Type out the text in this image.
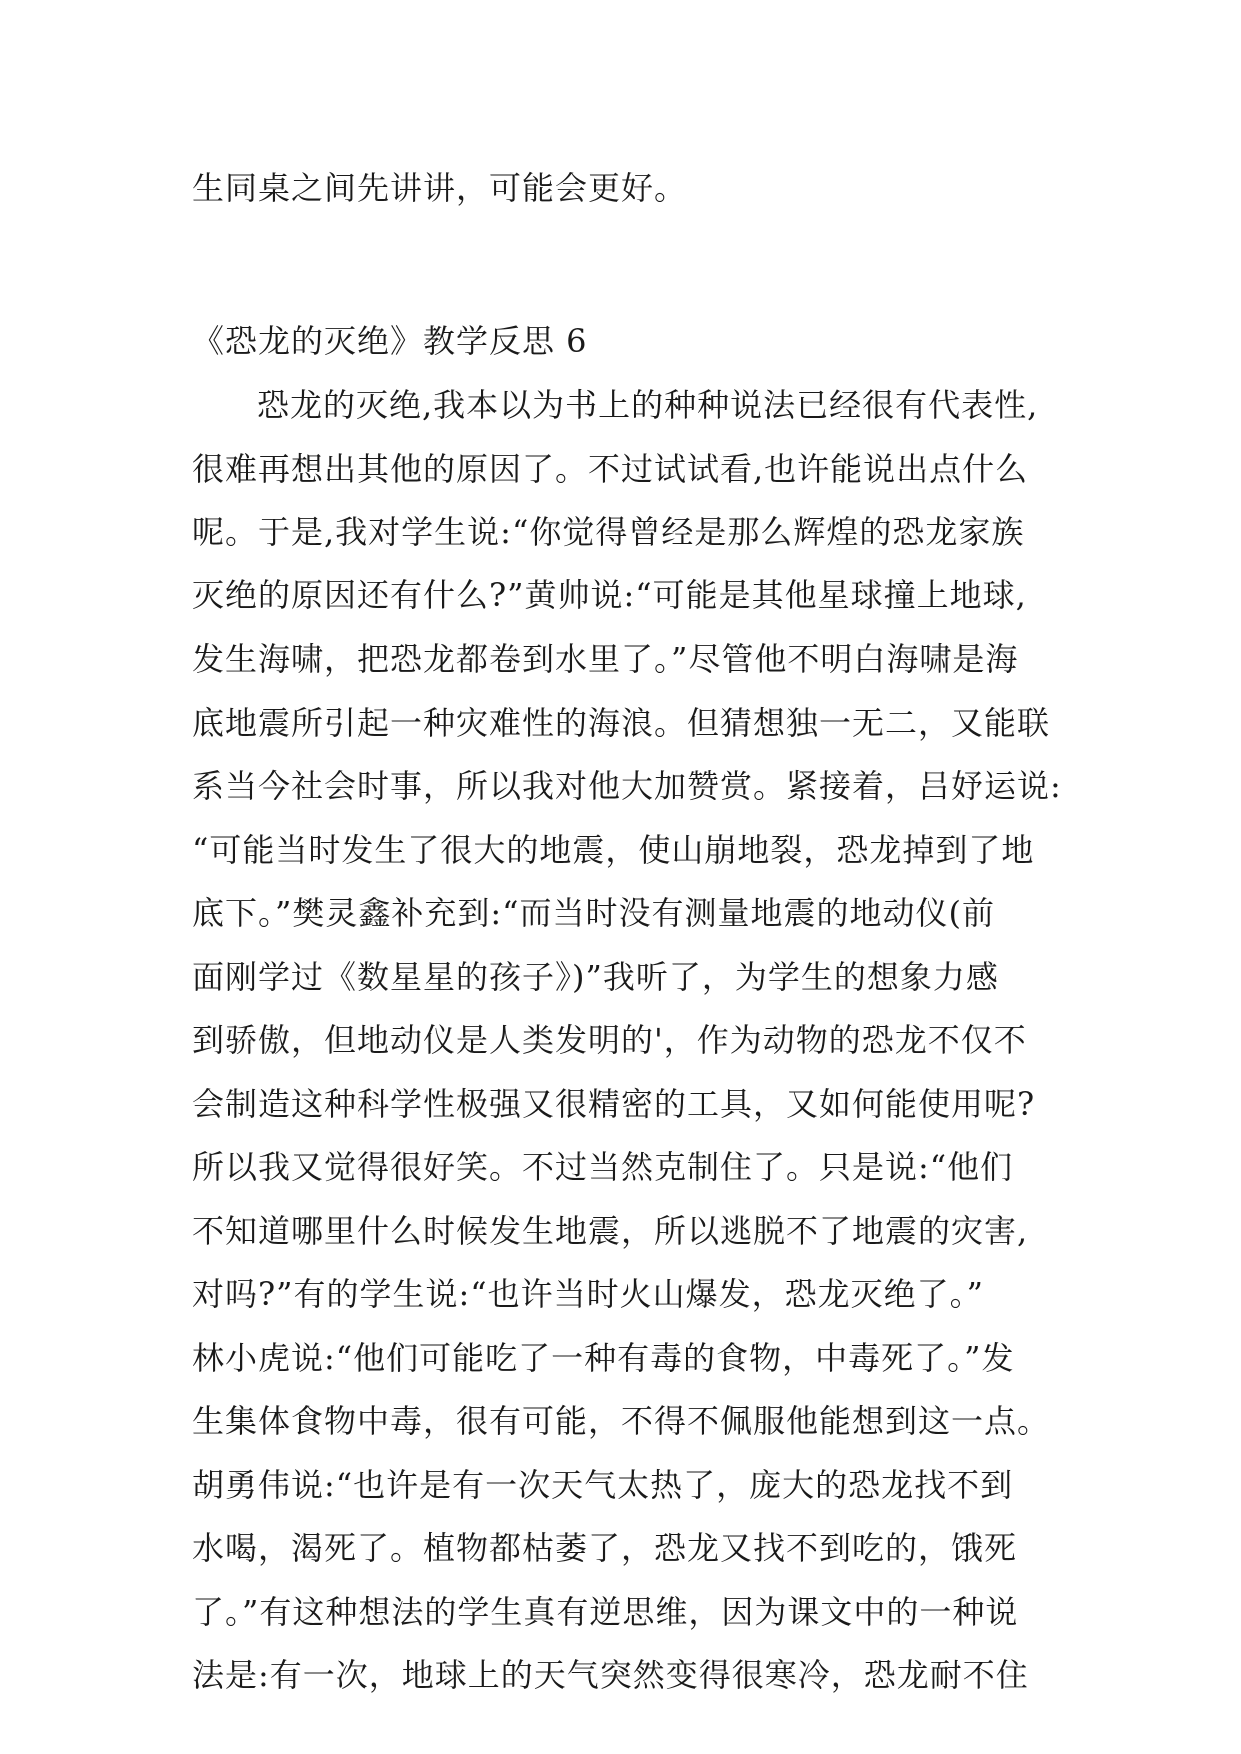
生同桌之间先讲讲，可能会更好。
《恐龙的灭绝》教学反思 6
恐龙的灭绝,我本以为书上的种种说法已经很有代表性,
很难再想出其他的原因了。不过试试看,也许能说出点什么
呢。于是,我对学生说:“你觉得曾经是那么辉煌的恐龙家族
灭绝的原因还有什么?”黄帅说:“可能是其他星球撞上地球,
发生海啸，把恐龙都卷到水里了。”尽管他不明白海啸是海
底地震所引起一种灾难性的海浪。但猜想独一无二，又能联
系当今社会时事，所以我对他大加赞赏。紧接着，吕妤运说:
“可能当时发生了很大的地震，使山崩地裂，恐龙掉到了地
底下。”樊灵鑫补充到:“而当时没有测量地震的地动仪(前
面刚学过《数星星的孩子》)”我听了，为学生的想象力感
到骄傲，但地动仪是人类发明的'，作为动物的恐龙不仅不
会制造这种科学性极强又很精密的工具，又如何能使用呢?
所以我又觉得很好笑。不过当然克制住了。只是说:“他们
不知道哪里什么时候发生地震，所以逃脱不了地震的灾害,
对吗?”有的学生说:“也许当时火山爆发，恐龙灭绝了。”
林小虎说:“他们可能吃了一种有毒的食物，中毒死了。”发
生集体食物中毒，很有可能，不得不佩服他能想到这一点。
胡勇伟说:“也许是有一次天气太热了，庞大的恐龙找不到
水喝，渴死了。植物都枯萎了，恐龙又找不到吃的，饿死
了。”有这种想法的学生真有逆思维，因为课文中的一种说
法是:有一次，地球上的天气突然变得很寒冷，恐龙耐不住
